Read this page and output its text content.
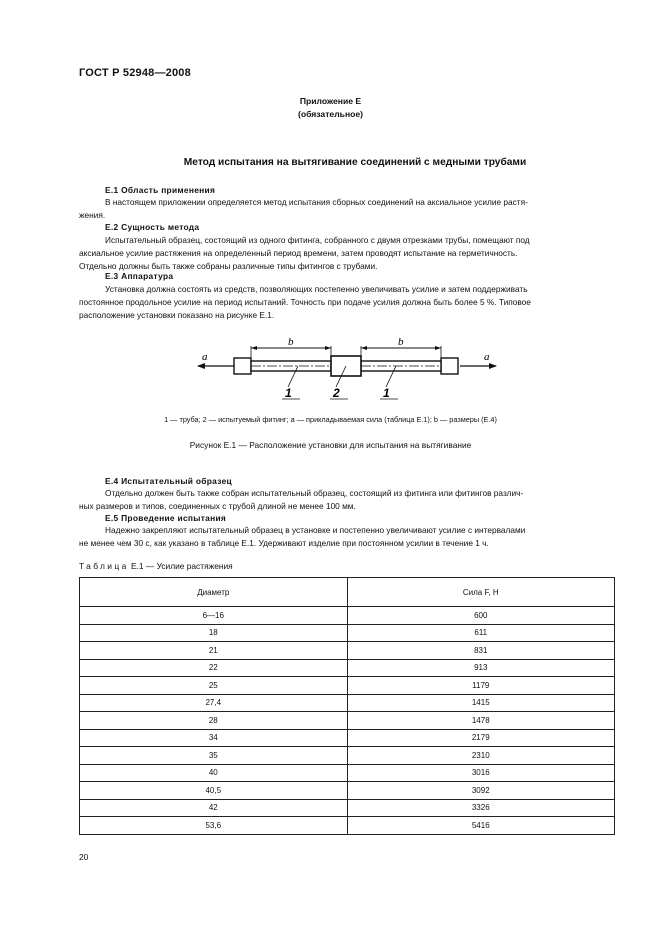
ГОСТ Р 52948—2008
Приложение Е
(обязательное)
Метод испытания на вытягивание соединений с медными трубами
Е.1 Область применения
В настоящем приложении определяется метод испытания сборных соединений на аксиальное усилие растя-
жения.
Е.2 Сущность метода
Испытательный образец, состоящий из одного фитинга, собранного с двумя отрезками трубы, помещают под
аксиальное усилие растяжения на определенный период времени, затем проводят испытание на герметичность.
Отдельно должны быть также собраны различные типы фитингов с трубами.
Е.3 Аппаратура
Установка должна состоять из средств, позволяющих постепенно увеличивать усилие и затем поддерживать
постоянное продольное усилие на период испытаний. Точность при подаче усилия должна быть более 5 %. Типовое
расположение установки показано на рисунке Е.1.
a	a
b	b
1	2	1
1 — труба; 2 — испытуемый фитинг; a — прикладываемая сила (таблица Е.1); b — размеры (Е.4)
Рисунок Е.1 — Расположение установки для испытания на вытягивание
Е.4 Испытательный образец
Отдельно должен быть также собран испытательный образец, состоящий из фитинга или фитингов различ-
ных размеров и типов, соединенных с трубой длиной не менее 100 мм.
Е.5 Проведение испытания
Надежно закрепляют испытательный образец в установке и постепенно увеличивают усилие с интервалами
не менее чем 30 с, как указано в таблице Е.1. Удерживают изделие при постоянном усилии в течение 1 ч.
Таблица Е.1 — Усилие растяжения
Диаметр	Сила F, Н
6—16	600
18	611
21	831
22	913
25	1179
27,4	1415
28	1478
34	2179
35	2310
40	3016
40,5	3092
42	3326
53,6	5416
20
